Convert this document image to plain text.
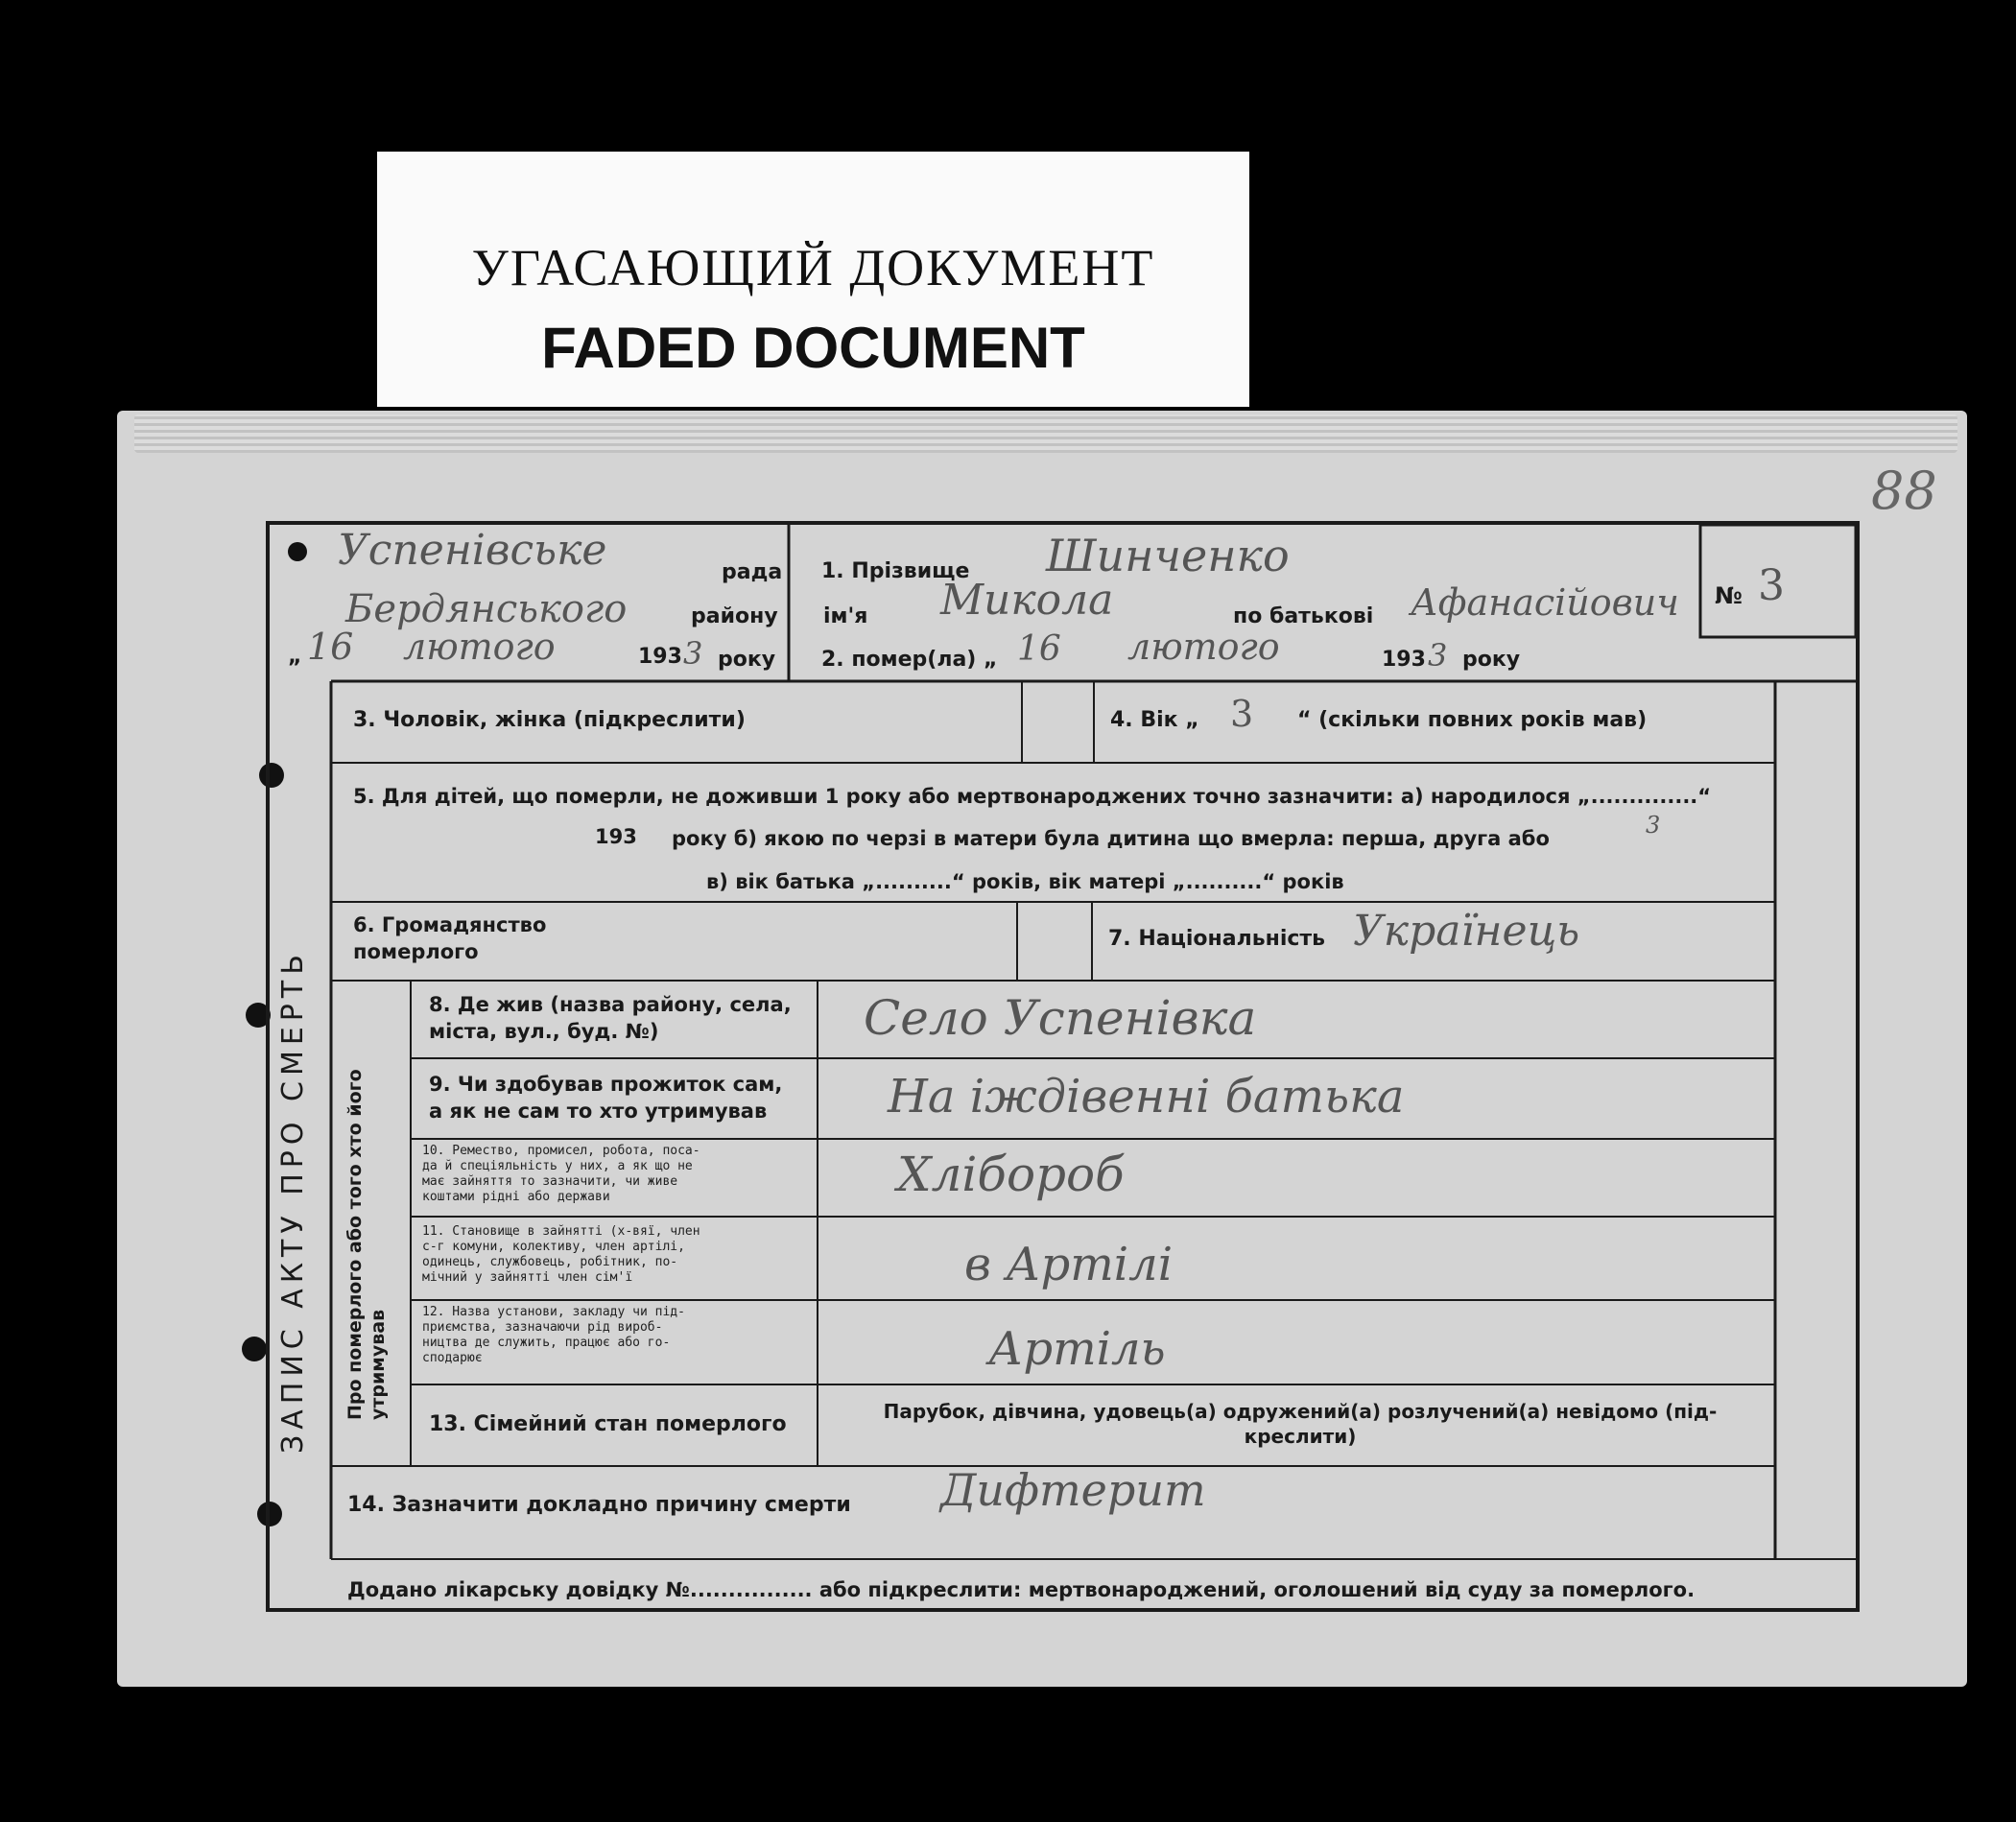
УГАСАЮЩИЙ ДОКУМЕНТ
FADED DOCUMENT
88
Успенівське	рада
Бердянського	району
„ 16 лютого	193 3 року
1. Прізвище Шинченко
ім'я Микола	по батькові Афанасійович
2. помер(ла) „ 16 лютого	193 3 року
№ 3
ЗАПИС АКТУ ПРО СМЕРТЬ Про померлого або того хто його утримував
3. Чоловік, жінка (підкреслити)	4. Вік „ 3 “ (скільки повних років мав)
5. Для дітей, що померли, не доживши 1 року або мертвонароджених точно зазначити: а) народилося „..............“
193 року б) якою по черзі в матери була дитина що вмерла: перша, друга або	3
в) вік батька „..........“ років, вік матері „..........“ років
6. Громадянство
померлого
7. Національність Українець
8. Де жив (назва району, села,
міста, вул., буд. №)	Село Успенівка
9. Чи здобував прожиток сам,
а як не сам то хто утримував	На іждівенні батька
10. Ремество, промисел, робота, поса-
да й спеціяльність у них, а як що не
має зайняття то зазначити, чи живе
коштами рідні або держави	Хлібороб
11. Становище в зайнятті (х-вяї, член
с-г комуни, колективу, член артілі,
одинець, службовець, робітник, по-
мічний у зайнятті член сім'ї	в Артілі
12. Назва установи, закладу чи під-
приємства, зазначаючи рід вироб-
ництва де служить, працює або го-
сподарює	Артіль
13. Сімейний стан померлого
Парубок, дівчина, удовець(а) одружений(а) розлучений(а) невідомо (під-
креслити)
14. Зазначити докладно причину смерти Дифтерит
Додано лікарську довідку №................ або підкреслити: мертвонароджений, оголошений від суду за померлого.
